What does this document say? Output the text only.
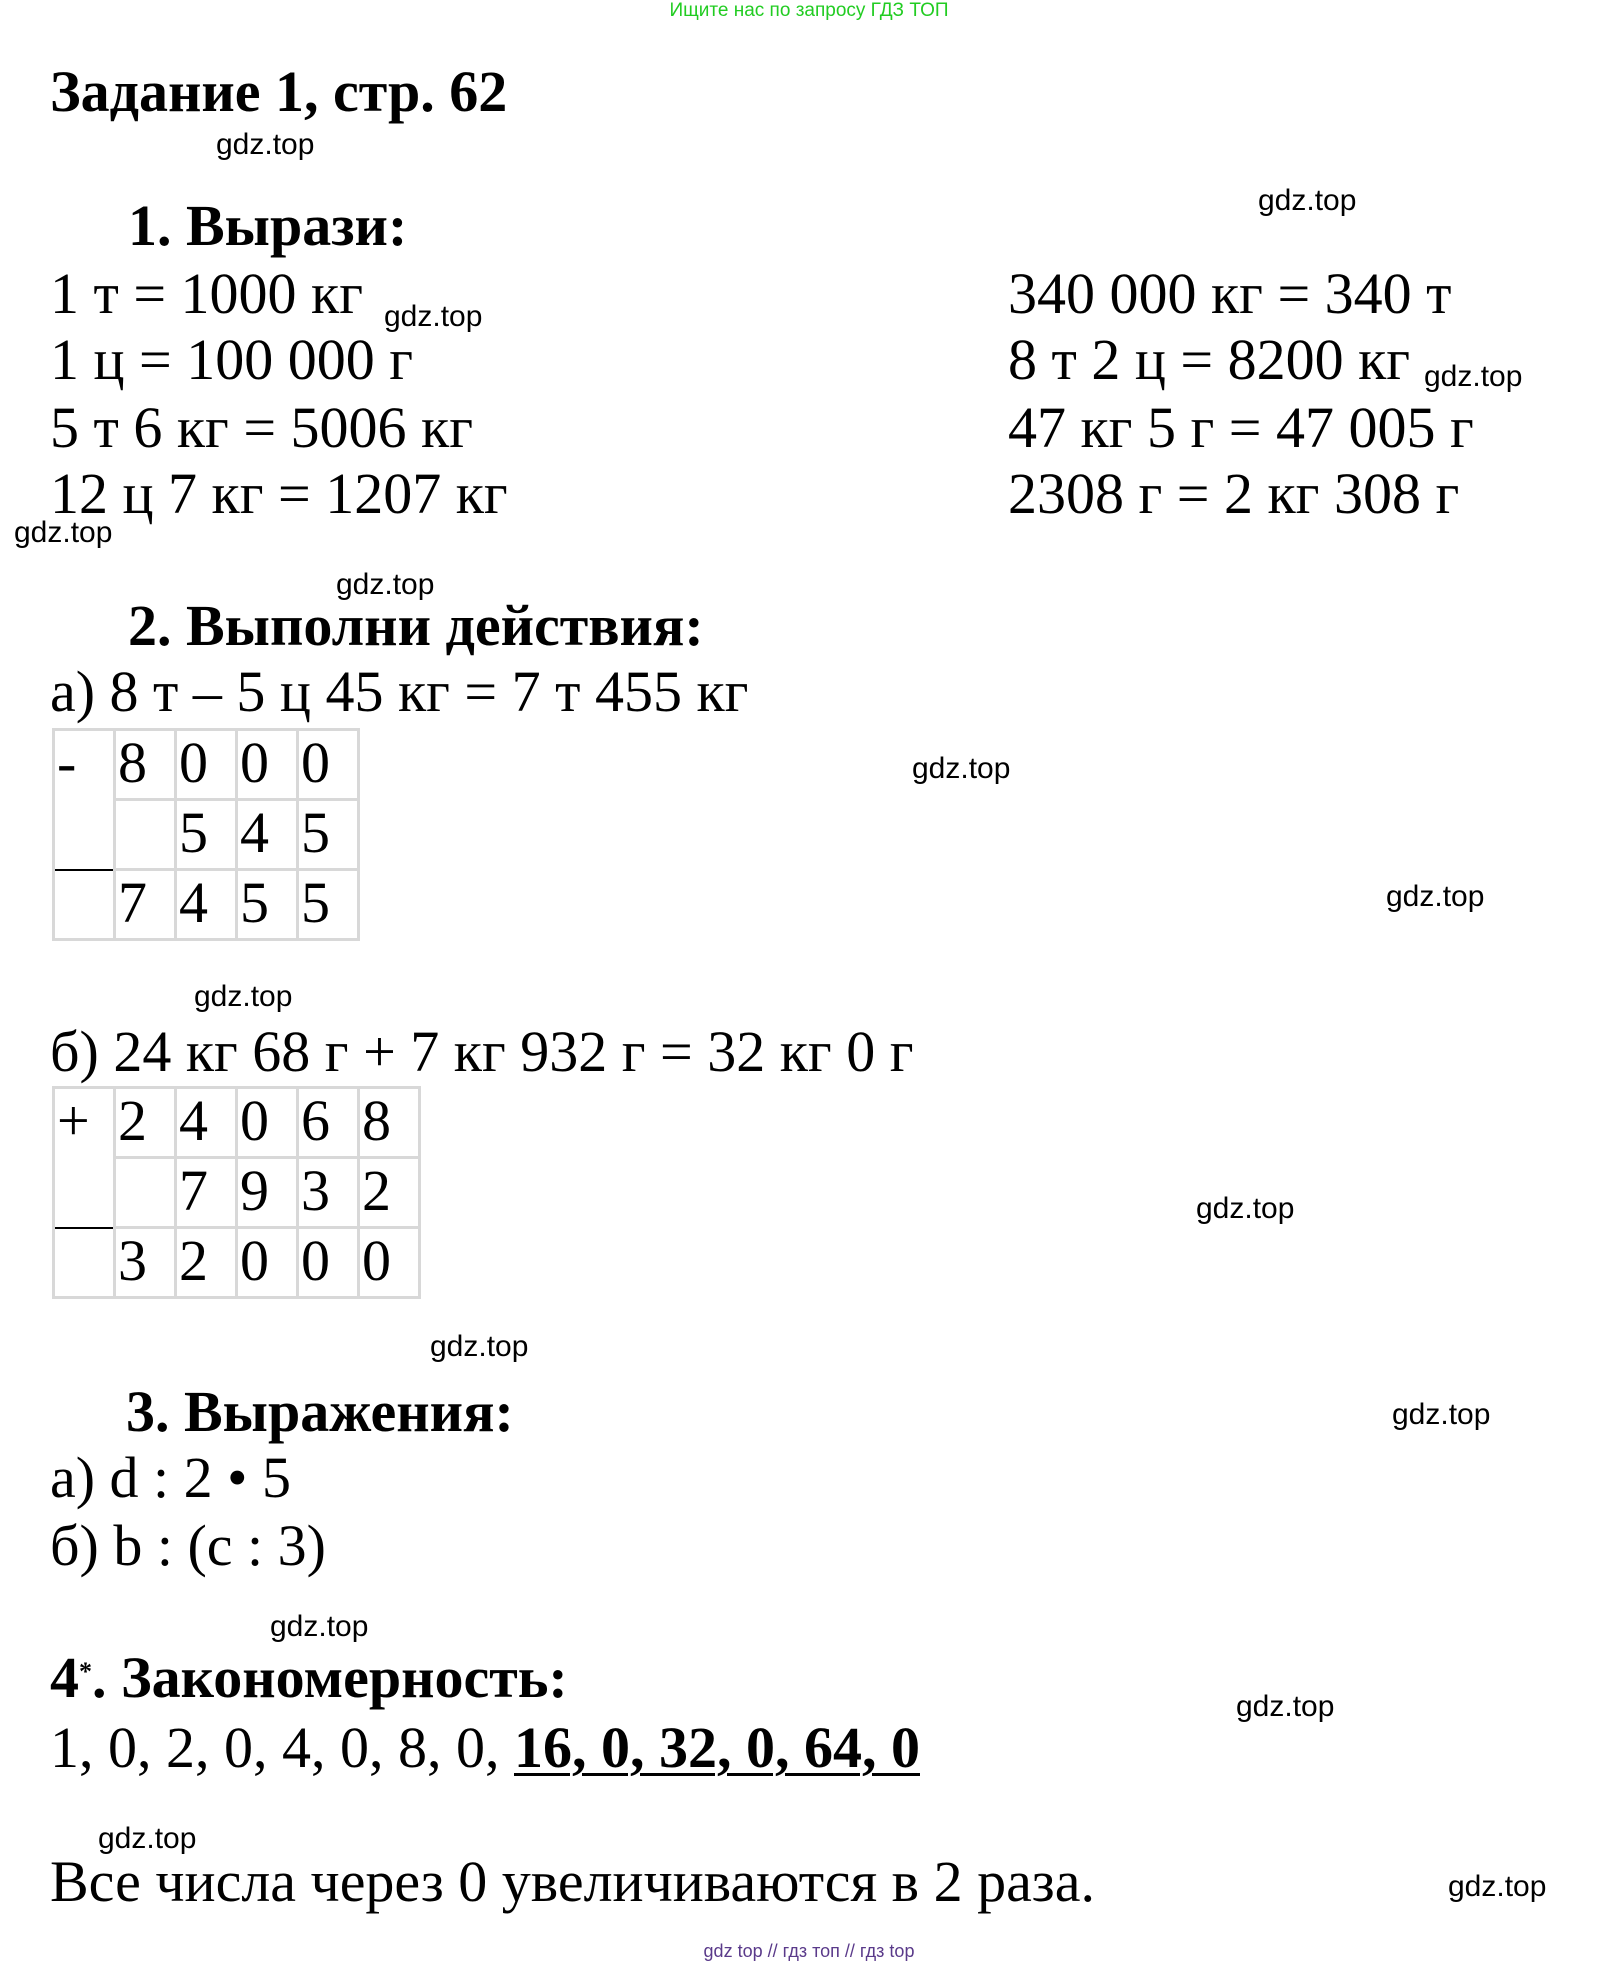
Ищите нас по запросу ГДЗ ТОП
Задание 1, стр. 62
gdz.top
gdz.top
gdz.top
gdz.top
gdz.top
gdz.top
gdz.top
gdz.top
gdz.top
gdz.top
gdz.top
gdz.top
gdz.top
gdz.top
gdz.top
gdz.top
1. Вырази:
1 т = 1000 кг
1 ц = 100 000 г
5 т 6 кг = 5006 кг
12 ц 7 кг = 1207 кг
340 000 кг = 340 т
8 т 2 ц = 8200 кг
47 кг 5 г = 47 005 г
2308 г = 2 кг 308 г
2. Выполни действия:
а) 8 т – 5 ц 45 кг = 7 т 455 кг
-	8	0	0	0

		5	4	5

	7	4	5	5
б) 24 кг 68 г + 7 кг 932 г = 32 кг 0 г
+	2	4	0	6	8

		7	9	3	2

	3	2	0	0	0
3. Выражения:
а) d : 2 • 5
б) b : (c : 3)
4*. Закономерность:
1, 0, 2, 0, 4, 0, 8, 0, 16, 0, 32, 0, 64, 0
Все числа через 0 увеличиваются в 2 раза.
gdz top // гдз топ // гдз top
